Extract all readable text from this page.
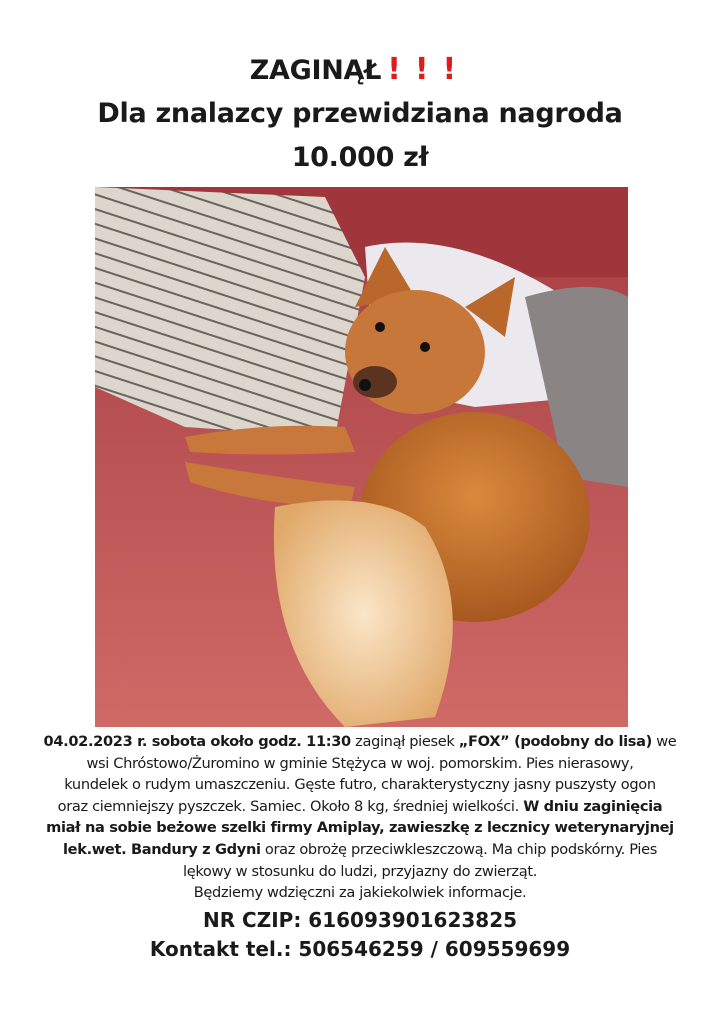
ZAGINĄŁ !!!
Dla znalazcy przewidziana nagroda
10.000 zł
04.02.2023 r. sobota około godz. 11:30 zaginął piesek „FOX” (podobny do lisa) we
wsi Chróstowo/Żuromino w gminie Stężyca w woj. pomorskim. Pies nierasowy,
kundelek o rudym umaszczeniu. Gęste futro, charakterystyczny jasny puszysty ogon
oraz ciemniejszy pyszczek. Samiec. Około 8 kg, średniej wielkości. W dniu zaginięcia
miał na sobie beżowe szelki firmy Amiplay, zawieszkę z lecznicy weterynaryjnej
lek.wet. Bandury z Gdyni oraz obrożę przeciwkleszczową. Ma chip podskórny. Pies
lękowy w stosunku do ludzi, przyjazny do zwierząt.
Będziemy wdzięczni za jakiekolwiek informacje.
NR CZIP: 616093901623825
Kontakt tel.: 506546259 / 609559699
